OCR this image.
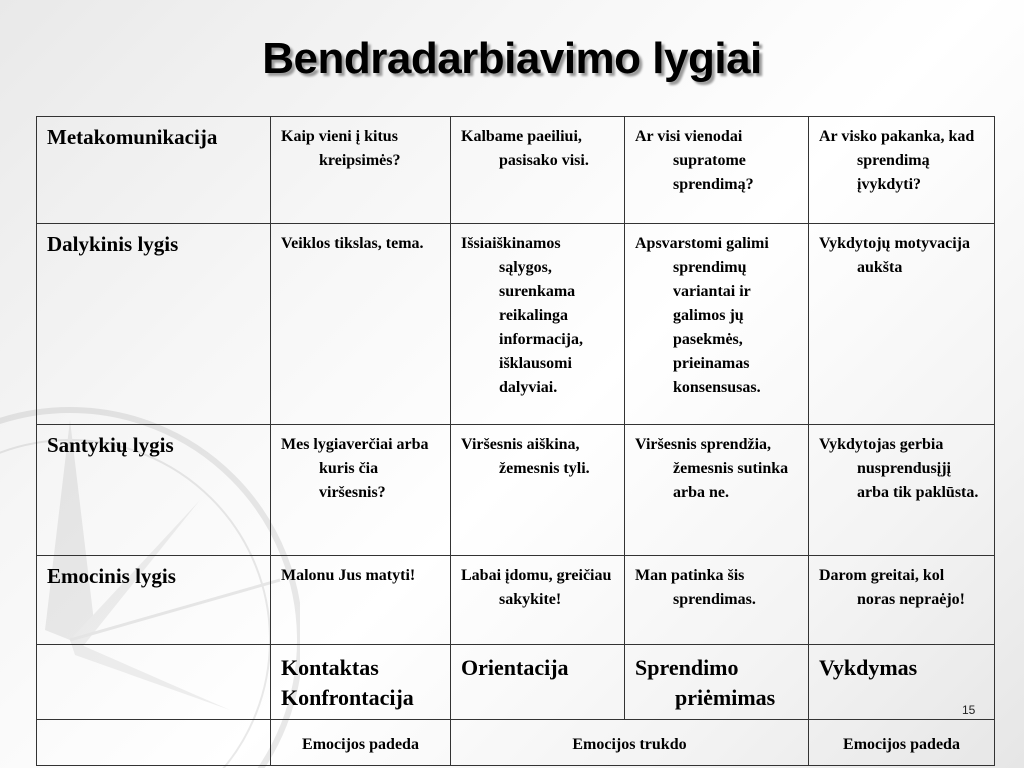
Bendradarbiavimo lygiai
Metakomunikacija	Kaip vieni į kitus kreipsimės?	Kalbame paeiliui, pasisako visi.	Ar visi vienodai supratome sprendimą?	Ar visko pakanka, kad sprendimą įvykdyti?

Dalykinis lygis	Veiklos tikslas, tema.	Išsiaiškinamos sąlygos, surenkama reikalinga informacija, išklausomi dalyviai.	Apsvarstomi galimi sprendimų variantai ir galimos jų pasekmės, prieinamas konsensusas.	Vykdytojų motyvacija aukšta

Santykių lygis	Mes lygiaverčiai arba kuris čia viršesnis?	Viršesnis aiškina, žemesnis tyli.	Viršesnis sprendžia, žemesnis sutinka arba ne.	Vykdytojas gerbia nusprendusįjį arba tik paklūsta.

Emocinis lygis	Malonu Jus matyti!	Labai įdomu, greičiau sakykite!	Man patinka šis sprendimas.	Darom greitai, kol noras nepraėjo!

	Kontaktas Konfrontacija	Orientacija	Sprendimo priėmimas	Vykdymas

	Emocijos padeda	Emocijos trukdo		Emocijos padeda
15
